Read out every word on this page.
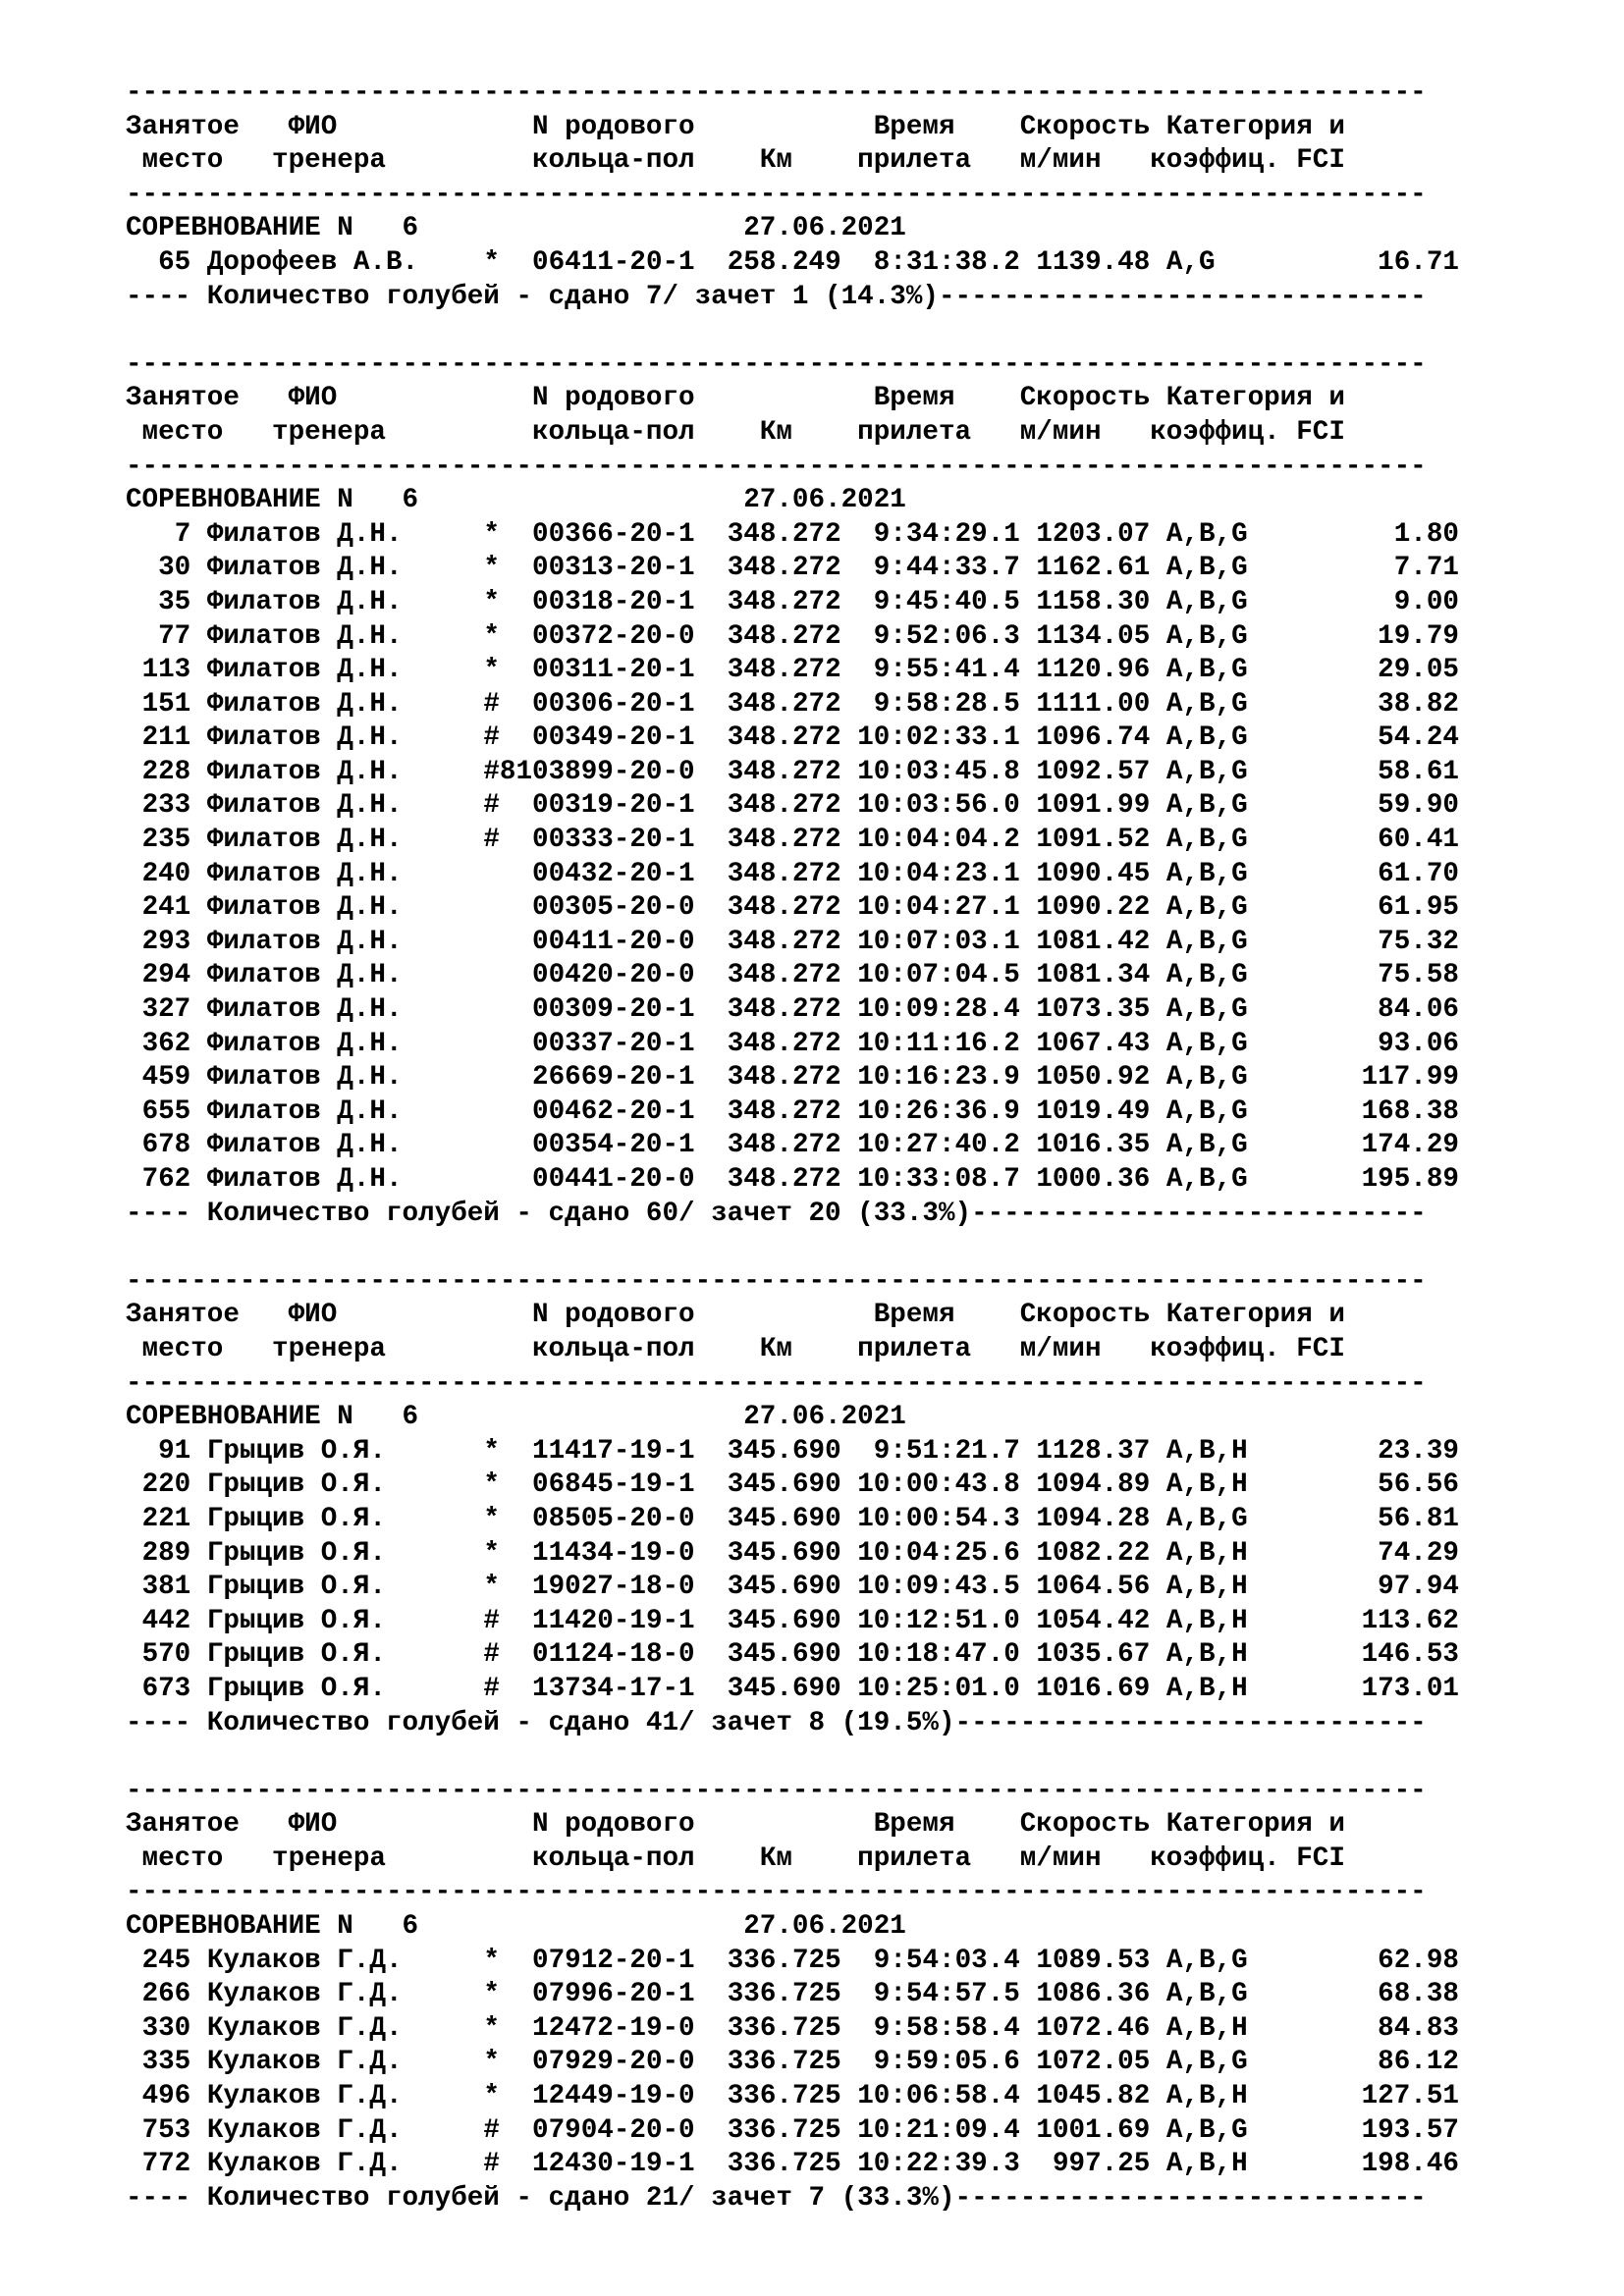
--------------------------------------------------------------------------------
Занятое   ФИО            N родового           Время    Скорость Категория и
место   тренера         кольца-пол    Км    прилета   м/мин   коэффиц. FCI
--------------------------------------------------------------------------------
СОРЕВНОВАНИЕ N   6	27.06.2021
65 Дорофеев А.В. * 06411-20-1 258.249 8:31:38.2 1139.48 A,G	16.71
---- Количество голубей - сдано 7/ зачет 1 (14.3%)------------------------------
--------------------------------------------------------------------------------
Занятое   ФИО            N родового           Время    Скорость Категория и
место   тренера         кольца-пол    Км    прилета   м/мин   коэффиц. FCI
--------------------------------------------------------------------------------
СОРЕВНОВАНИЕ N   6	27.06.2021
7 Филатов Д.Н.	* 00366-20-1 348.272 9:34:29.1 1203.07 A,B,G	1.80
30 Филатов Д.Н.	* 00313-20-1 348.272 9:44:33.7 1162.61 A,B,G	7.71
35 Филатов Д.Н.	* 00318-20-1 348.272 9:45:40.5 1158.30 A,B,G	9.00
77 Филатов Д.Н.	* 00372-20-0 348.272 9:52:06.3 1134.05 A,B,G	19.79
113 Филатов Д.Н.	* 00311-20-1 348.272 9:55:41.4 1120.96 A,B,G	29.05
151 Филатов Д.Н.	# 00306-20-1 348.272 9:58:28.5 1111.00 A,B,G	38.82
211 Филатов Д.Н.	# 00349-20-1 348.272 10:02:33.1 1096.74 A,B,G	54.24
228 Филатов Д.Н.	#8103899-20-0 348.272 10:03:45.8 1092.57 A,B,G	58.61
233 Филатов Д.Н.	# 00319-20-1 348.272 10:03:56.0 1091.99 A,B,G	59.90
235 Филатов Д.Н.	# 00333-20-1 348.272 10:04:04.2 1091.52 A,B,G	60.41
240 Филатов Д.Н.	00432-20-1 348.272 10:04:23.1 1090.45 A,B,G	61.70
241 Филатов Д.Н.	00305-20-0 348.272 10:04:27.1 1090.22 A,B,G	61.95
293 Филатов Д.Н.	00411-20-0 348.272 10:07:03.1 1081.42 A,B,G	75.32
294 Филатов Д.Н.	00420-20-0 348.272 10:07:04.5 1081.34 A,B,G	75.58
327 Филатов Д.Н.	00309-20-1 348.272 10:09:28.4 1073.35 A,B,G	84.06
362 Филатов Д.Н.	00337-20-1 348.272 10:11:16.2 1067.43 A,B,G	93.06
459 Филатов Д.Н.	26669-20-1 348.272 10:16:23.9 1050.92 A,B,G	117.99
655 Филатов Д.Н.	00462-20-1 348.272 10:26:36.9 1019.49 A,B,G	168.38
678 Филатов Д.Н.	00354-20-1 348.272 10:27:40.2 1016.35 A,B,G	174.29
762 Филатов Д.Н.	00441-20-0 348.272 10:33:08.7 1000.36 A,B,G	195.89
---- Количество голубей - сдано 60/ зачет 20 (33.3%)----------------------------
--------------------------------------------------------------------------------
Занятое   ФИО            N родового           Время    Скорость Категория и
место   тренера         кольца-пол    Км    прилета   м/мин   коэффиц. FCI
--------------------------------------------------------------------------------
СОРЕВНОВАНИЕ N   6	27.06.2021
91 Грыцив О.Я.	* 11417-19-1 345.690 9:51:21.7 1128.37 A,B,H	23.39
220 Грыцив О.Я.	* 06845-19-1 345.690 10:00:43.8 1094.89 A,B,H	56.56
221 Грыцив О.Я.	* 08505-20-0 345.690 10:00:54.3 1094.28 A,B,G	56.81
289 Грыцив О.Я.	* 11434-19-0 345.690 10:04:25.6 1082.22 A,B,H	74.29
381 Грыцив О.Я.	* 19027-18-0 345.690 10:09:43.5 1064.56 A,B,H	97.94
442 Грыцив О.Я.	# 11420-19-1 345.690 10:12:51.0 1054.42 A,B,H	113.62
570 Грыцив О.Я.	# 01124-18-0 345.690 10:18:47.0 1035.67 A,B,H	146.53
673 Грыцив О.Я.	# 13734-17-1 345.690 10:25:01.0 1016.69 A,B,H	173.01
---- Количество голубей - сдано 41/ зачет 8 (19.5%)-----------------------------
--------------------------------------------------------------------------------
Занятое   ФИО            N родового           Время    Скорость Категория и
место   тренера         кольца-пол    Км    прилета   м/мин   коэффиц. FCI
--------------------------------------------------------------------------------
СОРЕВНОВАНИЕ N   6	27.06.2021
245 Кулаков Г.Д.	* 07912-20-1 336.725 9:54:03.4 1089.53 A,B,G	62.98
266 Кулаков Г.Д.	* 07996-20-1 336.725 9:54:57.5 1086.36 A,B,G	68.38
330 Кулаков Г.Д.	* 12472-19-0 336.725 9:58:58.4 1072.46 A,B,H	84.83
335 Кулаков Г.Д.	* 07929-20-0 336.725 9:59:05.6 1072.05 A,B,G	86.12
496 Кулаков Г.Д.	* 12449-19-0 336.725 10:06:58.4 1045.82 A,B,H	127.51
753 Кулаков Г.Д.	# 07904-20-0 336.725 10:21:09.4 1001.69 A,B,G	193.57
772 Кулаков Г.Д.	# 12430-19-1 336.725 10:22:39.3 997.25 A,B,H	198.46
---- Количество голубей - сдано 21/ зачет 7 (33.3%)-----------------------------
